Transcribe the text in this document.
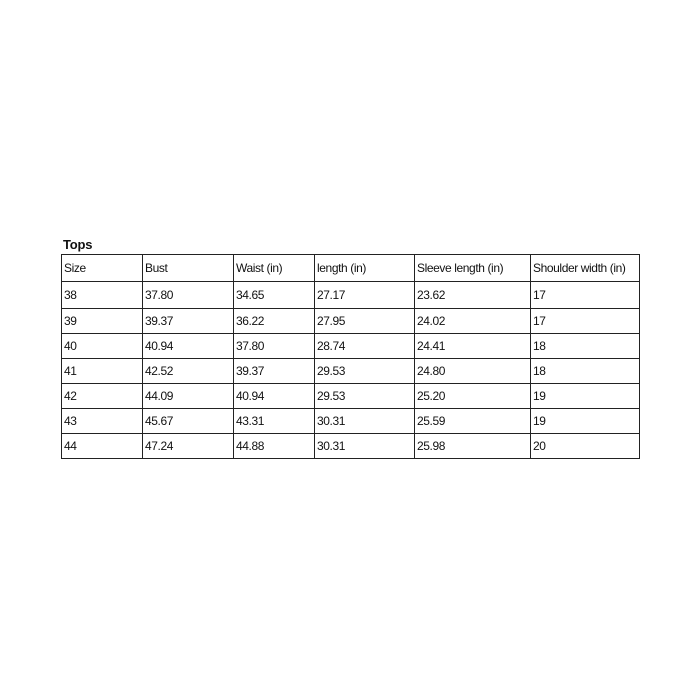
Tops
Size	Bust	Waist (in)	length (in)	Sleeve length (in)	Shoulder width (in)
38	37.80	34.65	27.17	23.62	17
39	39.37	36.22	27.95	24.02	17
40	40.94	37.80	28.74	24.41	18
41	42.52	39.37	29.53	24.80	18
42	44.09	40.94	29.53	25.20	19
43	45.67	43.31	30.31	25.59	19
44	47.24	44.88	30.31	25.98	20
